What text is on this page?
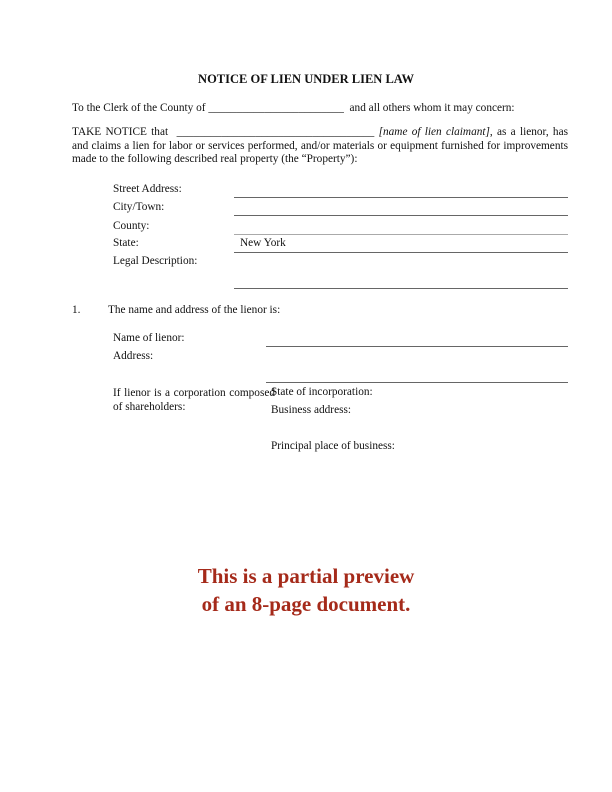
NOTICE OF LIEN UNDER LIEN LAW
To the Clerk of the County of ________________________ and all others whom it may concern:
TAKE NOTICE that ___________________________________ [name of lien claimant], as a lienor, has and claims a lien for labor or services performed, and/or materials or equipment furnished for improvements made to the following described real property (the “Property”):
Street Address:
City/Town:
County:
State:	New York
Legal Description:
1. The name and address of the lienor is:
Name of lienor:
Address:
If lienor is a corporation composed of shareholders:
State of incorporation:
Business address:
Principal place of business:
This is a partial preview
of an 8-page document.
